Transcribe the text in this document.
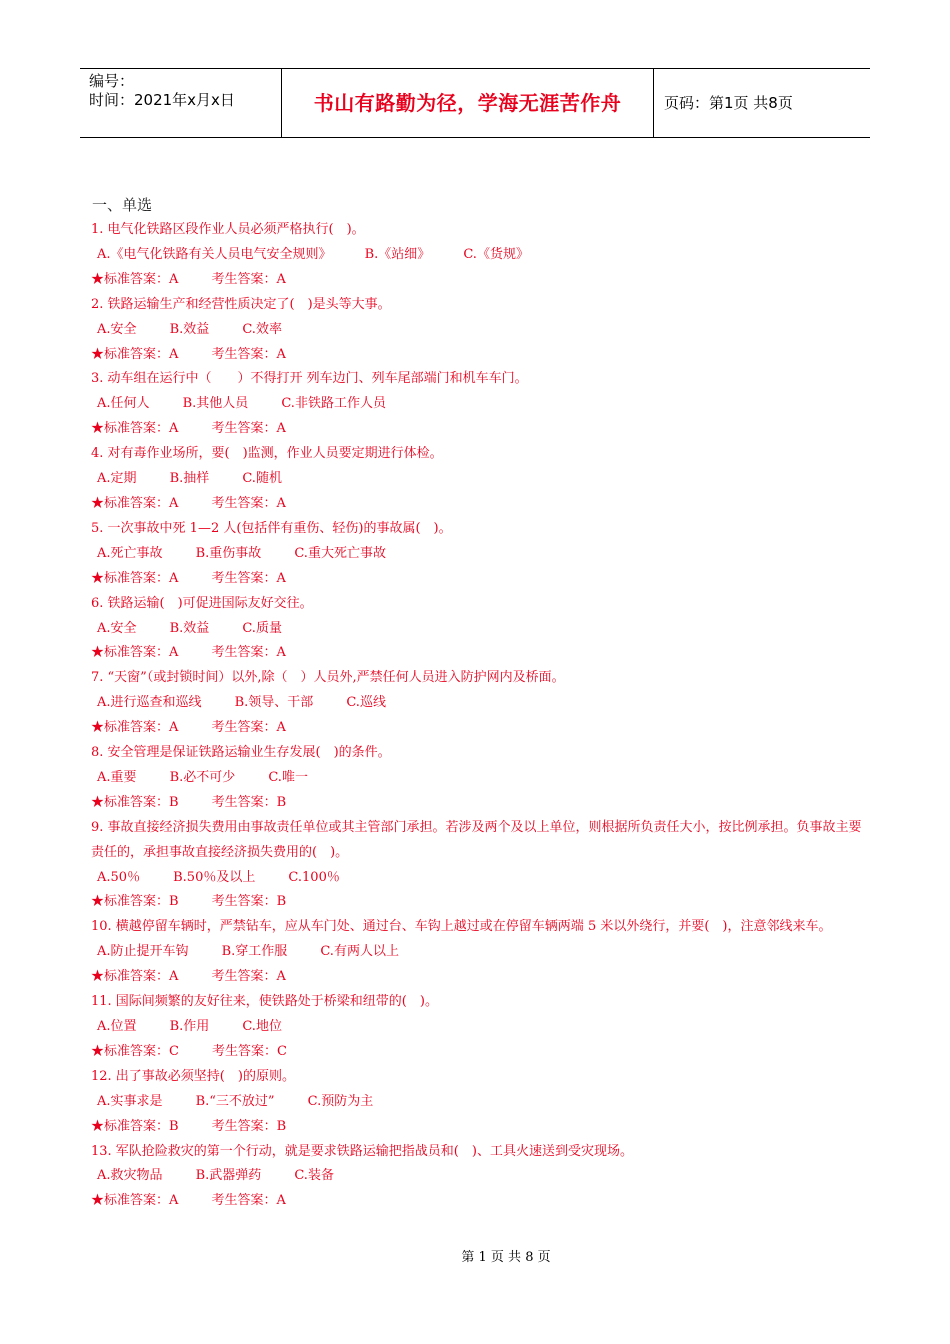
编号：
时间：2021年x月x日	书山有路勤为径，学海无涯苦作舟	页码：第1页 共8页
一、单选
1. 电气化铁路区段作业人员必须严格执行(　)。
A.《电气化铁路有关人员电气安全规则》        B.《站细》        C.《货规》
★标准答案：A        考生答案：A
2. 铁路运输生产和经营性质决定了(　)是头等大事。
A.安全        B.效益        C.效率
★标准答案：A        考生答案：A
3. 动车组在运行中（　　）不得打开 列车边门、列车尾部端门和机车车门。
A.任何人        B.其他人员        C.非铁路工作人员
★标准答案：A        考生答案：A
4. 对有毒作业场所，要(　)监测，作业人员要定期进行体检。
A.定期        B.抽样        C.随机
★标准答案：A        考生答案：A
5. 一次事故中死 1—2 人(包括伴有重伤、轻伤)的事故属(　)。
A.死亡事故        B.重伤事故        C.重大死亡事故
★标准答案：A        考生答案：A
6. 铁路运输(　)可促进国际友好交往。
A.安全        B.效益        C.质量
★标准答案：A        考生答案：A
7. “天窗”（或封锁时间）以外,除（　）人员外,严禁任何人员进入防护网内及桥面。
A.进行巡查和巡线        B.领导、干部        C.巡线
★标准答案：A        考生答案：A
8. 安全管理是保证铁路运输业生存发展(　)的条件。
A.重要        B.必不可少        C.唯一
★标准答案：B        考生答案：B
9. 事故直接经济损失费用由事故责任单位或其主管部门承担。若涉及两个及以上单位，则根据所负责任大小，按比例承担。负事故主要责任的，承担事故直接经济损失费用的(　)。
A.50％        B.50％及以上        C.100％
★标准答案：B        考生答案：B
10. 横越停留车辆时，严禁钻车，应从车门处、通过台、车钩上越过或在停留车辆两端 5 米以外绕行，并要(　)，注意邻线来车。
A.防止提开车钩        B.穿工作服        C.有两人以上
★标准答案：A        考生答案：A
11. 国际间频繁的友好往来，使铁路处于桥梁和纽带的(　)。
A.位置        B.作用        C.地位
★标准答案：C        考生答案：C
12. 出了事故必须坚持(　)的原则。
A.实事求是        B.“三不放过”        C.预防为主
★标准答案：B        考生答案：B
13. 军队抢险救灾的第一个行动，就是要求铁路运输把指战员和(　)、工具火速送到受灾现场。
A.救灾物品        B.武器弹药        C.装备
★标准答案：A        考生答案：A
第 1 页 共 8 页
